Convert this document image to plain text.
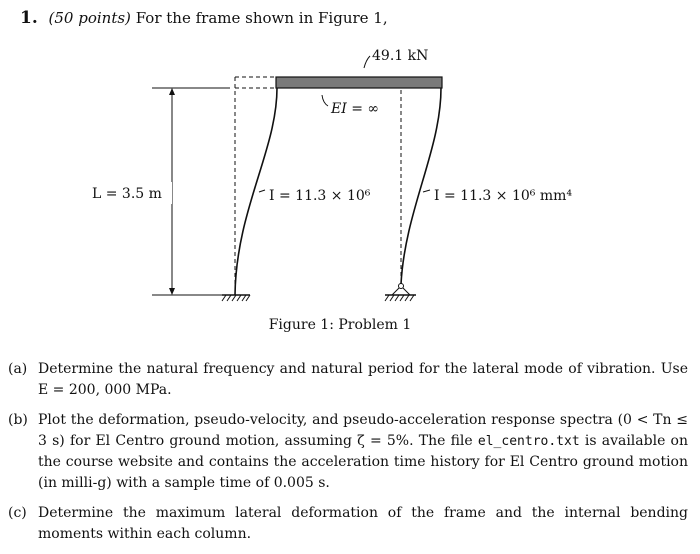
1. (50 points) For the frame shown in Figure 1,
L = 3.5 m
49.1 kN
EI = ∞
I = 11.3 × 10⁶	I = 11.3 × 10⁶ mm⁴
Figure 1: Problem 1
(a) Determine the natural frequency and natural period for the lateral mode of vibration. Use E = 200, 000 MPa.
(b) Plot the deformation, pseudo-velocity, and pseudo-acceleration response spectra (0 < Tn ≤ 3 s) for El Centro ground motion, assuming ζ = 5%. The file el_centro.txt is available on the course website and contains the acceleration time history for El Centro ground motion (in milli-g) with a sample time of 0.005 s.
(c) Determine the maximum lateral deformation of the frame and the internal bending moments within each column.
